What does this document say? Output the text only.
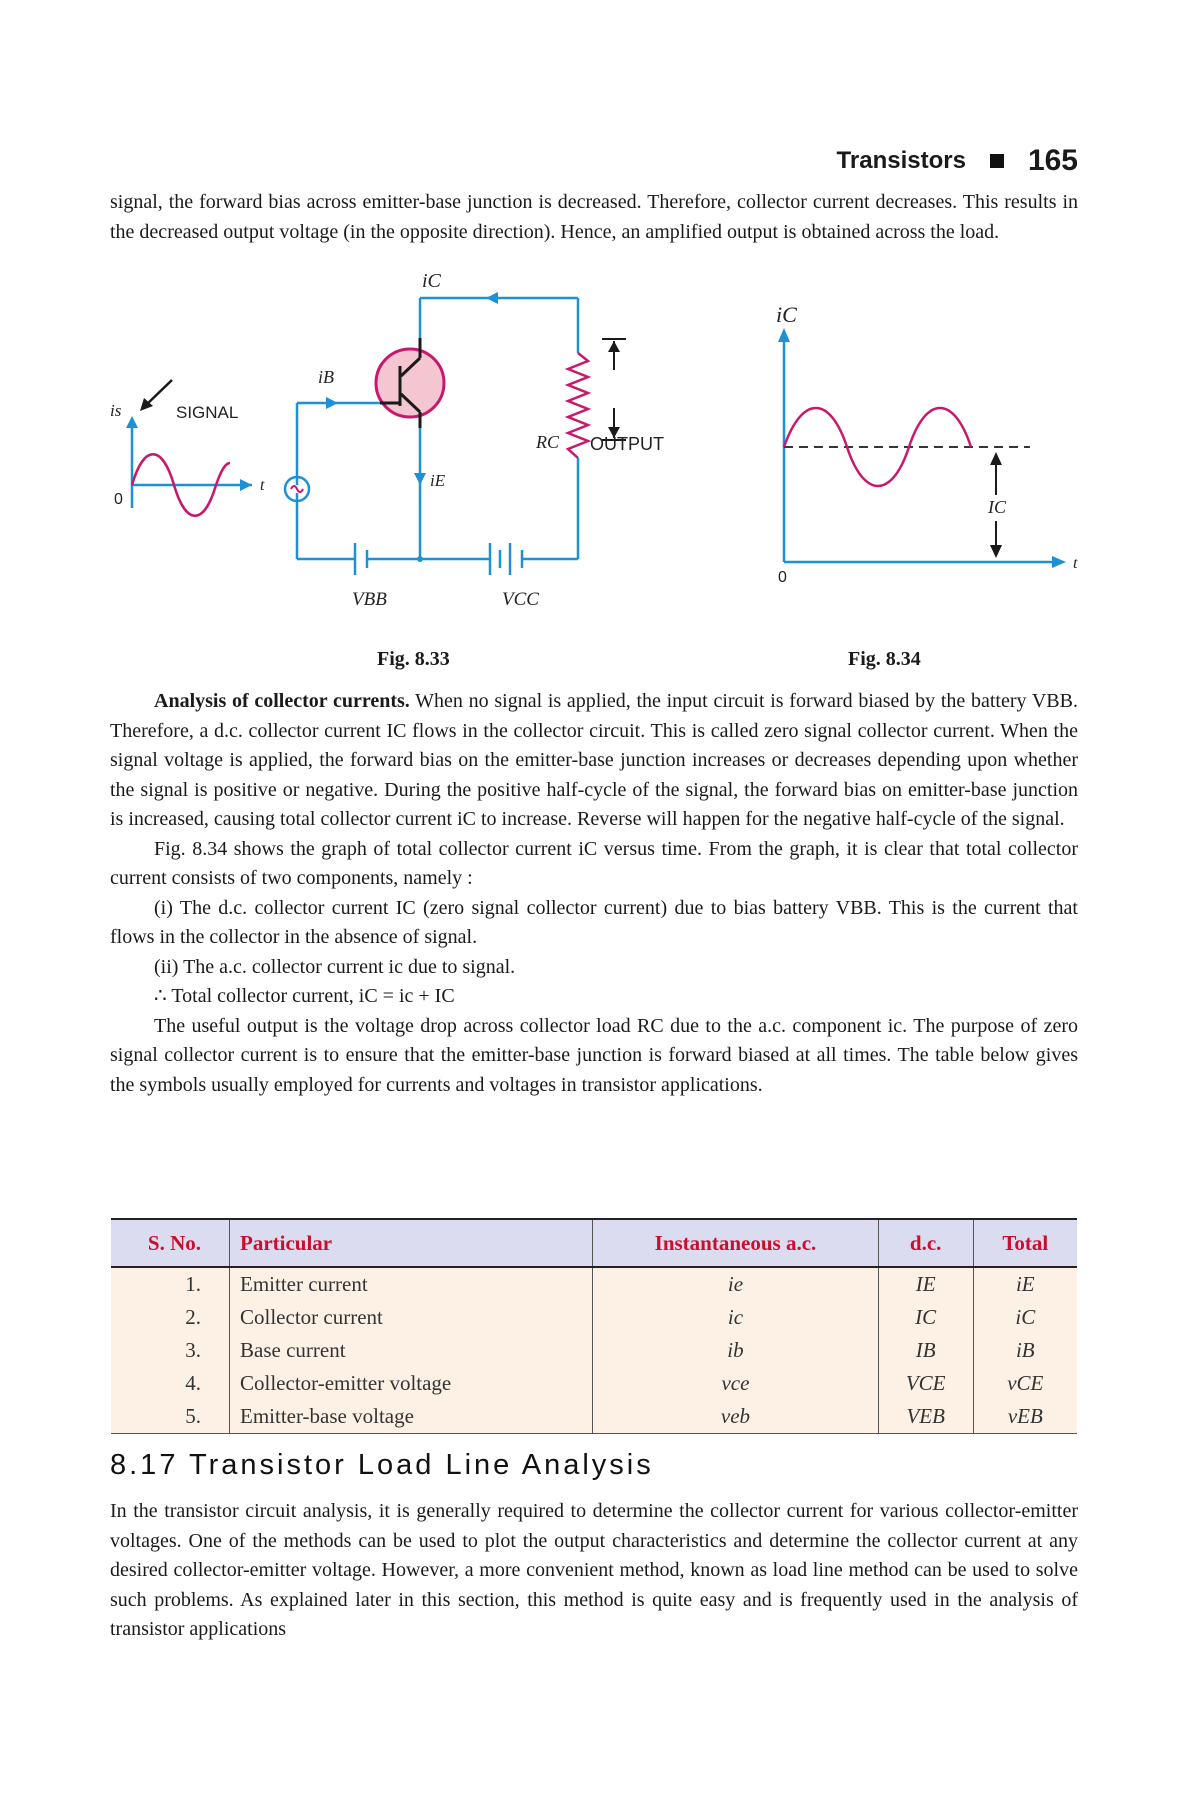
Transistors 165

signal, the forward bias across emitter-base junction is decreased. Therefore, collector current decreases. This results in the decreased output voltage (in the opposite direction). Hence, an amplified output is obtained across the load.

iC
iB
is	SIGNAL
t
0
iE
RC OUTPUT
VBB	VCC
iC
IC
0
t
Fig. 8.33	Fig. 8.34

Analysis of collector currents. When no signal is applied, the input circuit is forward biased by the battery VBB. Therefore, a d.c. collector current IC flows in the collector circuit. This is called zero signal collector current. When the signal voltage is applied, the forward bias on the emitter-base junction increases or decreases depending upon whether the signal is positive or negative. During the positive half-cycle of the signal, the forward bias on emitter-base junction is increased, causing total collector current iC to increase. Reverse will happen for the negative half-cycle of the signal.

Fig. 8.34 shows the graph of total collector current iC versus time. From the graph, it is clear that total collector current consists of two components, namely :

(i) The d.c. collector current IC (zero signal collector current) due to bias battery VBB. This is the current that flows in the collector in the absence of signal.

(ii) The a.c. collector current ic due to signal.

∴ Total collector current, iC = ic + IC

The useful output is the voltage drop across collector load RC due to the a.c. component ic. The purpose of zero signal collector current is to ensure that the emitter-base junction is forward biased at all times. The table below gives the symbols usually employed for currents and voltages in transistor applications.

S. No.	Particular	Instantaneous a.c.	d.c.	Total
1.	Emitter current	ie	IE	iE
2.	Collector current	ic	IC	iC
3.	Base current	ib	IB	iB
4.	Collector-emitter voltage	vce	VCE	vCE
5.	Emitter-base voltage	veb	VEB	vEB
8.17 Transistor Load Line Analysis

In the transistor circuit analysis, it is generally required to determine the collector current for various collector-emitter voltages. One of the methods can be used to plot the output characteristics and determine the collector current at any desired collector-emitter voltage. However, a more convenient method, known as load line method can be used to solve such problems. As explained later in this section, this method is quite easy and is frequently used in the analysis of transistor applications
